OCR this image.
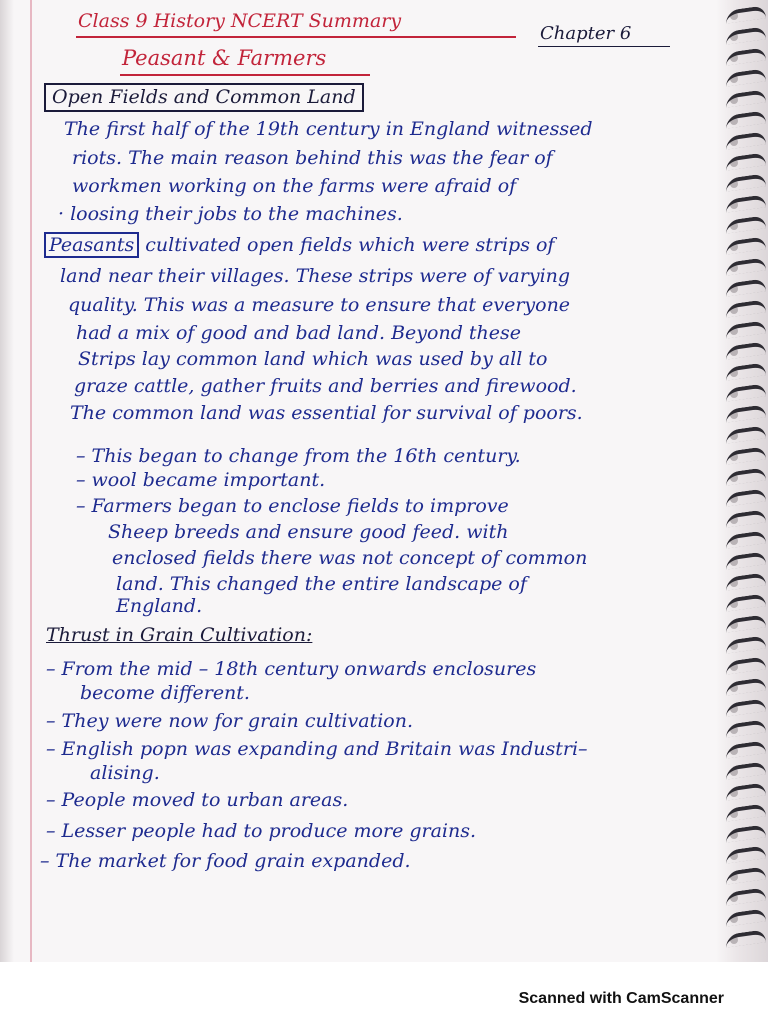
Class 9 History NCERT Summary
Peasant & Farmers
Chapter 6
Open Fields and Common Land
The first half of the 19th century in England witnessed
riots. The main reason behind this was the fear of
workmen working on the farms were afraid of
· loosing their jobs to the machines.
Peasants cultivated open fields which were strips of
land near their villages. These strips were of varying
quality. This was a measure to ensure that everyone
had a mix of good and bad land. Beyond these
Strips lay common land which was used by all to
graze cattle, gather fruits and berries and firewood.
The common land was essential for survival of poors.
– This began to change from the 16th century.
– wool became important.
– Farmers began to enclose fields to improve
Sheep breeds and ensure good feed. with
enclosed fields there was not concept of common
land. This changed the entire landscape of
England.
Thrust in Grain Cultivation:
– From the mid – 18th century onwards enclosures
become different.
– They were now for grain cultivation.
– English popn was expanding and Britain was Industri–
alising.
– People moved to urban areas.
– Lesser people had to produce more grains.
– The market for food grain expanded.
Scanned with CamScanner
